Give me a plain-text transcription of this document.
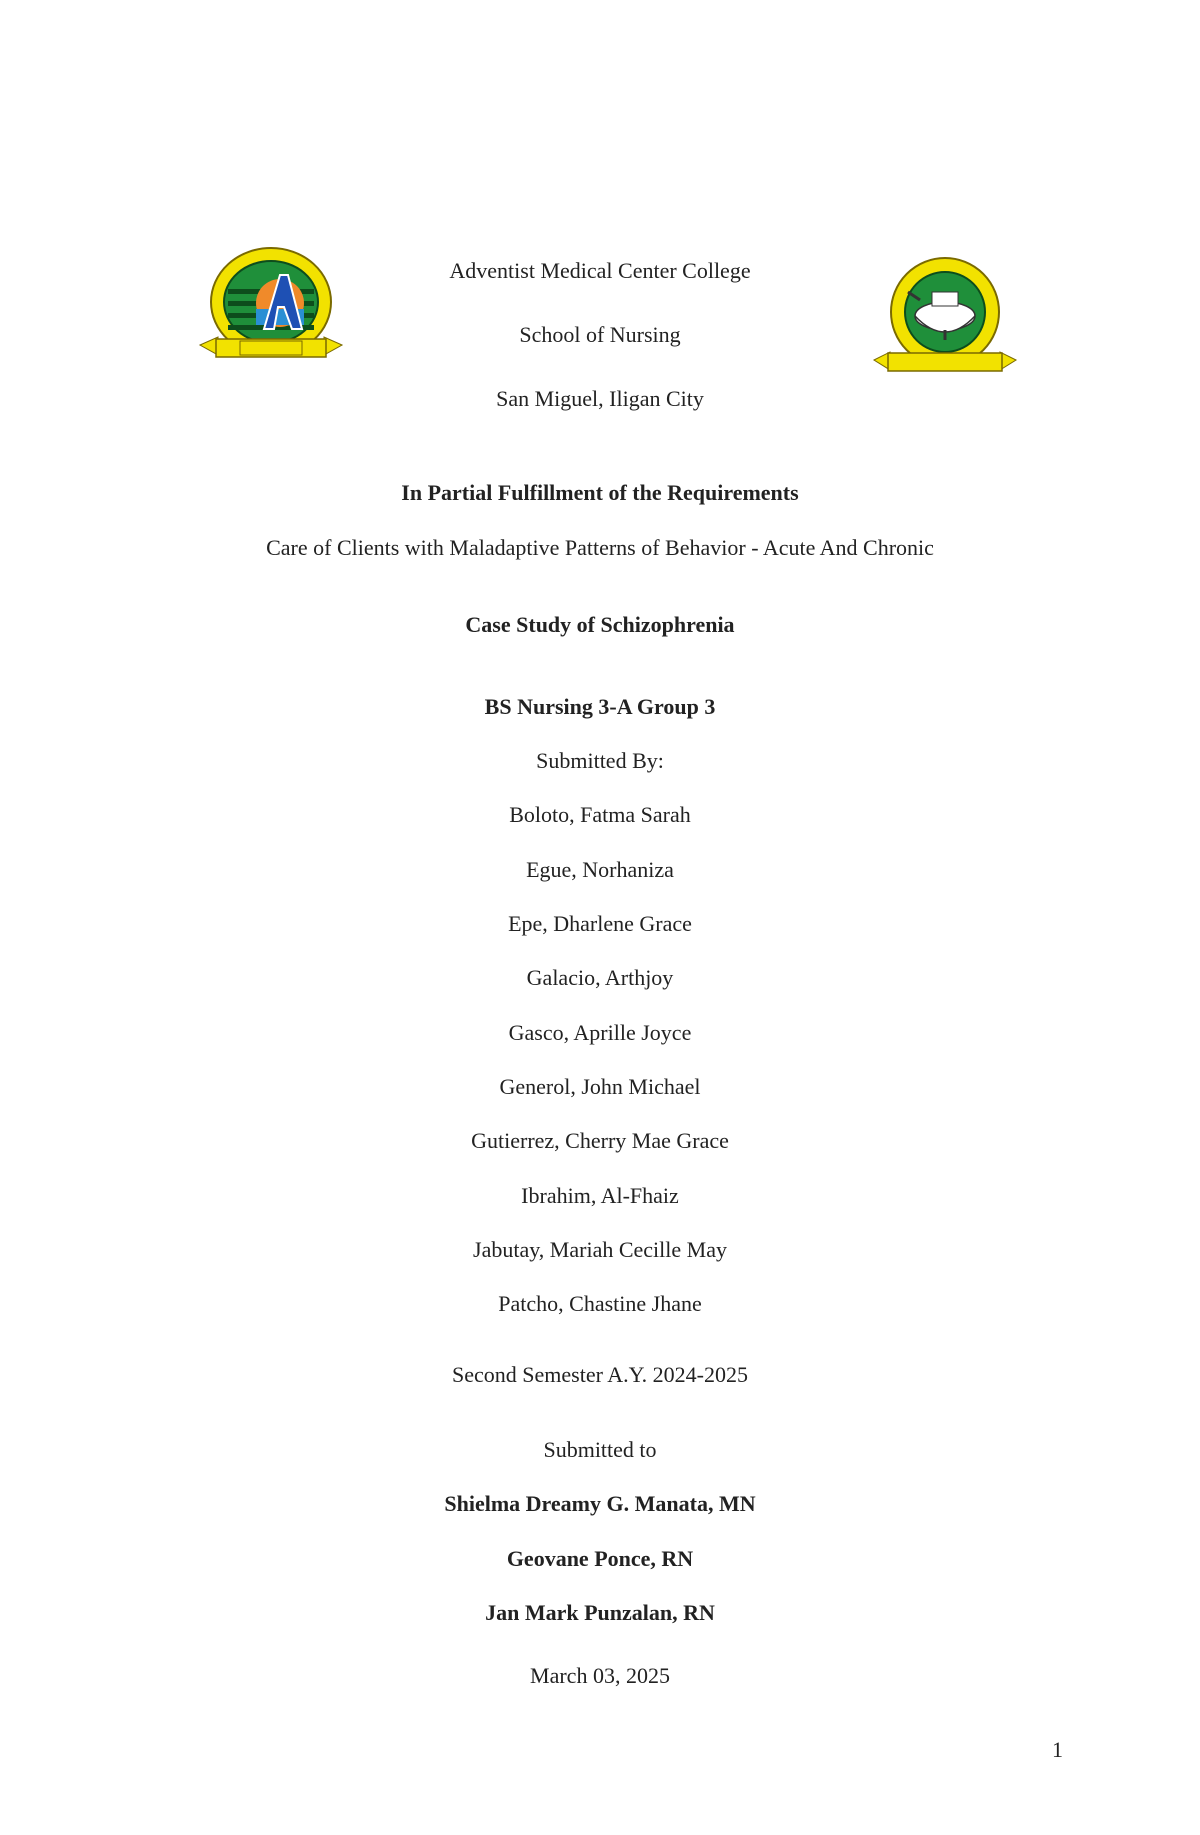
Adventist Medical Center College
School of Nursing
San Miguel, Iligan City
In Partial Fulfillment of the Requirements
Care of Clients with Maladaptive Patterns of Behavior - Acute And Chronic
Case Study of Schizophrenia
BS Nursing 3-A Group 3
Submitted By:
Boloto, Fatma Sarah
Egue, Norhaniza
Epe, Dharlene Grace
Galacio, Arthjoy
Gasco, Aprille Joyce
Generol, John Michael
Gutierrez, Cherry Mae Grace
Ibrahim, Al-Fhaiz
Jabutay, Mariah Cecille May
Patcho, Chastine Jhane
Second Semester A.Y. 2024-2025
Submitted to
Shielma Dreamy G. Manata, MN
Geovane Ponce, RN
Jan Mark Punzalan, RN
March 03, 2025
1
